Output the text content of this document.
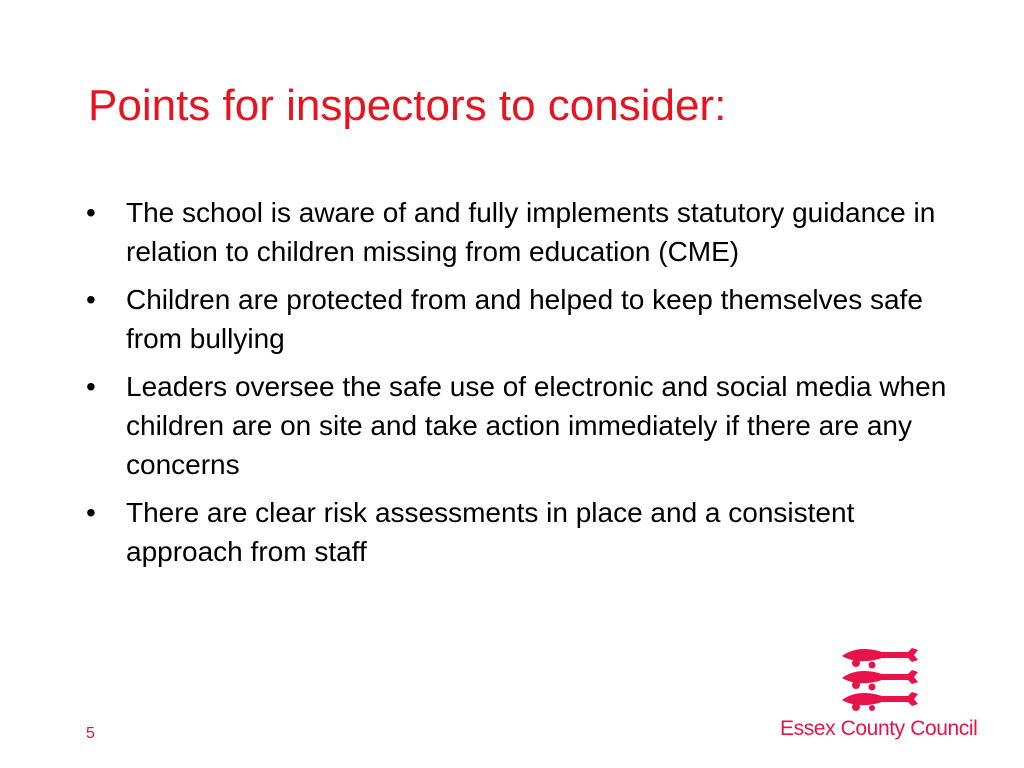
Points for inspectors to consider:
•	The school is aware of and fully implements statutory guidance in relation to children missing from education (CME)
•	Children are protected from and helped to keep themselves safe from bullying
•	Leaders oversee the safe use of electronic and social media when children are on site and take action immediately if there are any concerns
•	There are clear risk assessments in place and a consistent approach from staff
5	Essex County Council
